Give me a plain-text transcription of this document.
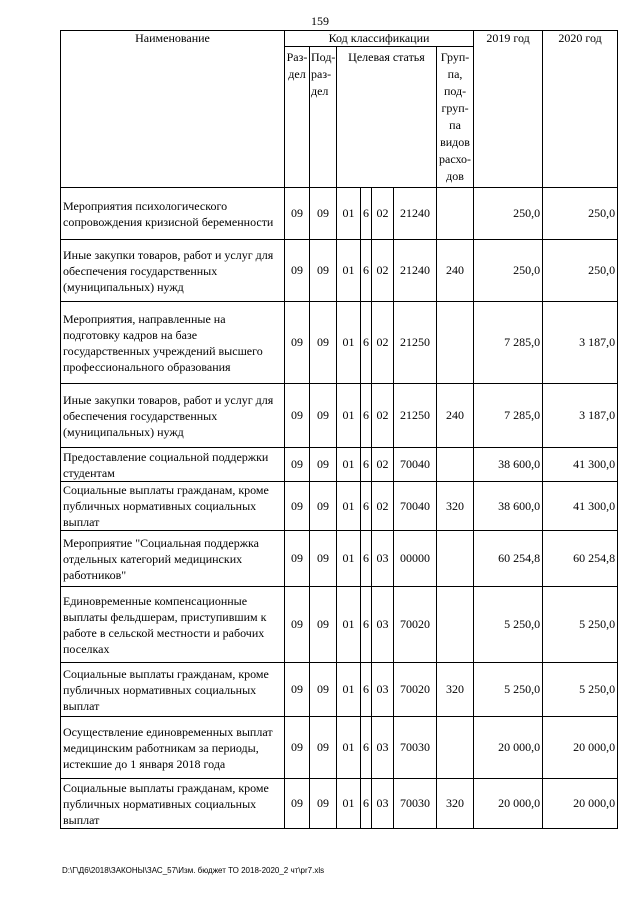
159
Наименование	Код классификации							2019 год	2020 год
	Раз- дел	Под- раз- дел	Целевая статья				Груп- па, под- груп- па видов расхо- дов		
Мероприятия психологического сопровождения кризисной беременности	09	09	01	6	02	21240		250,0	250,0
Иные закупки товаров, работ и услуг для обеспечения государственных (муниципальных) нужд	09	09	01	6	02	21240	240	250,0	250,0
Мероприятия, направленные на подготовку кадров на базе государственных учреждений высшего профессионального образования	09	09	01	6	02	21250		7 285,0	3 187,0
Иные закупки товаров, работ и услуг для обеспечения государственных (муниципальных) нужд	09	09	01	6	02	21250	240	7 285,0	3 187,0
Предоставление социальной поддержки студентам	09	09	01	6	02	70040		38 600,0	41 300,0
Социальные выплаты гражданам, кроме публичных нормативных социальных выплат	09	09	01	6	02	70040	320	38 600,0	41 300,0
Мероприятие "Социальная поддержка отдельных категорий медицинских работников"	09	09	01	6	03	00000		60 254,8	60 254,8
Единовременные компенсационные выплаты фельдшерам, приступившим к работе в сельской местности и рабочих поселках	09	09	01	6	03	70020		5 250,0	5 250,0
Социальные выплаты гражданам, кроме публичных нормативных социальных выплат	09	09	01	6	03	70020	320	5 250,0	5 250,0
Осуществление единовременных выплат медицинским работникам за периоды, истекшие до 1 января 2018 года	09	09	01	6	03	70030		20 000,0	20 000,0
Социальные выплаты гражданам, кроме публичных нормативных социальных выплат	09	09	01	6	03	70030	320	20 000,0	20 000,0
D:\Г\Д6\2018\ЗАКОНЫ\ЗАС_57\Изм. бюджет ТО 2018-2020_2 чт\pr7.xls
